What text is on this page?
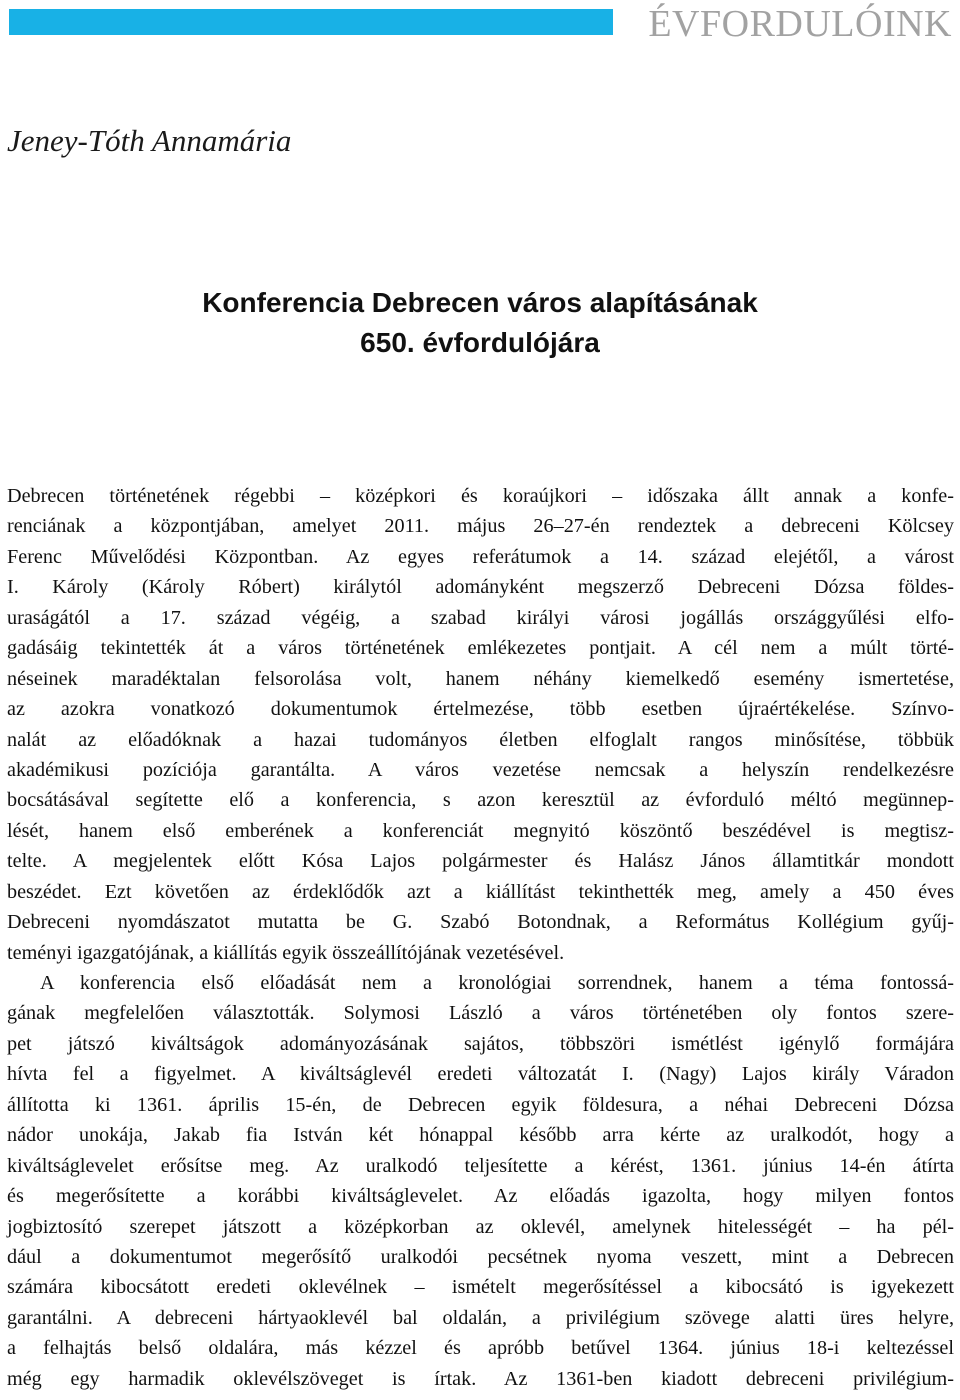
ÉVFORDULÓINK
Jeney-Tóth Annamária
Konferencia Debrecen város alapításának
650. évfordulójára
Debrecen történetének régebbi – középkori és koraújkori – időszaka állt annak a konfe-
renciának a központjában, amelyet 2011. május 26–27-én rendeztek a debreceni Kölcsey
Ferenc Művelődési Központban. Az egyes referátumok a 14. század elejétől, a várost
I. Károly (Károly Róbert) királytól adományként megszerző Debreceni Dózsa földes-
uraságától a 17. század végéig, a szabad királyi városi jogállás országgyűlési elfo-
gadásáig tekintették át a város történetének emlékezetes pontjait. A cél nem a múlt törté-
néseinek maradéktalan felsorolása volt, hanem néhány kiemelkedő esemény ismertetése,
az azokra vonatkozó dokumentumok értelmezése, több esetben újraértékelése. Színvo-
nalát az előadóknak a hazai tudományos életben elfoglalt rangos minősítése, többük
akadémikusi pozíciója garantálta. A város vezetése nemcsak a helyszín rendelkezésre
bocsátásával segítette elő a konferencia, s azon keresztül az évforduló méltó megünnep-
lését, hanem első emberének a konferenciát megnyitó köszöntő beszédével is megtisz-
telte. A megjelentek előtt Kósa Lajos polgármester és Halász János államtitkár mondott
beszédet. Ezt követően az érdeklődők azt a kiállítást tekinthették meg, amely a 450 éves
Debreceni nyomdászatot mutatta be G. Szabó Botondnak, a Református Kollégium gyűj-
teményi igazgatójának, a kiállítás egyik összeállítójának vezetésével.
A konferencia első előadását nem a kronológiai sorrendnek, hanem a téma fontossá-
gának megfelelően választották. Solymosi László a város történetében oly fontos szere-
pet játszó kiváltságok adományozásának sajátos, többszöri ismétlést igénylő formájára
hívta fel a figyelmet. A kiváltságlevél eredeti változatát I. (Nagy) Lajos király Váradon
állította ki 1361. április 15-én, de Debrecen egyik földesura, a néhai Debreceni Dózsa
nádor unokája, Jakab fia István két hónappal később arra kérte az uralkodót, hogy a
kiváltságlevelet erősítse meg. Az uralkodó teljesítette a kérést, 1361. június 14-én átírta
és megerősítette a korábbi kiváltságlevelet. Az előadás igazolta, hogy milyen fontos
jogbiztosító szerepet játszott a középkorban az oklevél, amelynek hitelességét – ha pél-
dául a dokumentumot megerősítő uralkodói pecsétnek nyoma veszett, mint a Debrecen
számára kibocsátott eredeti oklevélnek – ismételt megerősítéssel a kibocsátó is igyekezett
garantálni. A debreceni hártyaoklevél bal oldalán, a privilégium szövege alatti üres helyre,
a felhajtás belső oldalára, más kézzel és apróbb betűvel 1364. június 18-i keltezéssel
még egy harmadik oklevélszöveget is írtak. Az 1361-ben kiadott debreceni privilégium-
